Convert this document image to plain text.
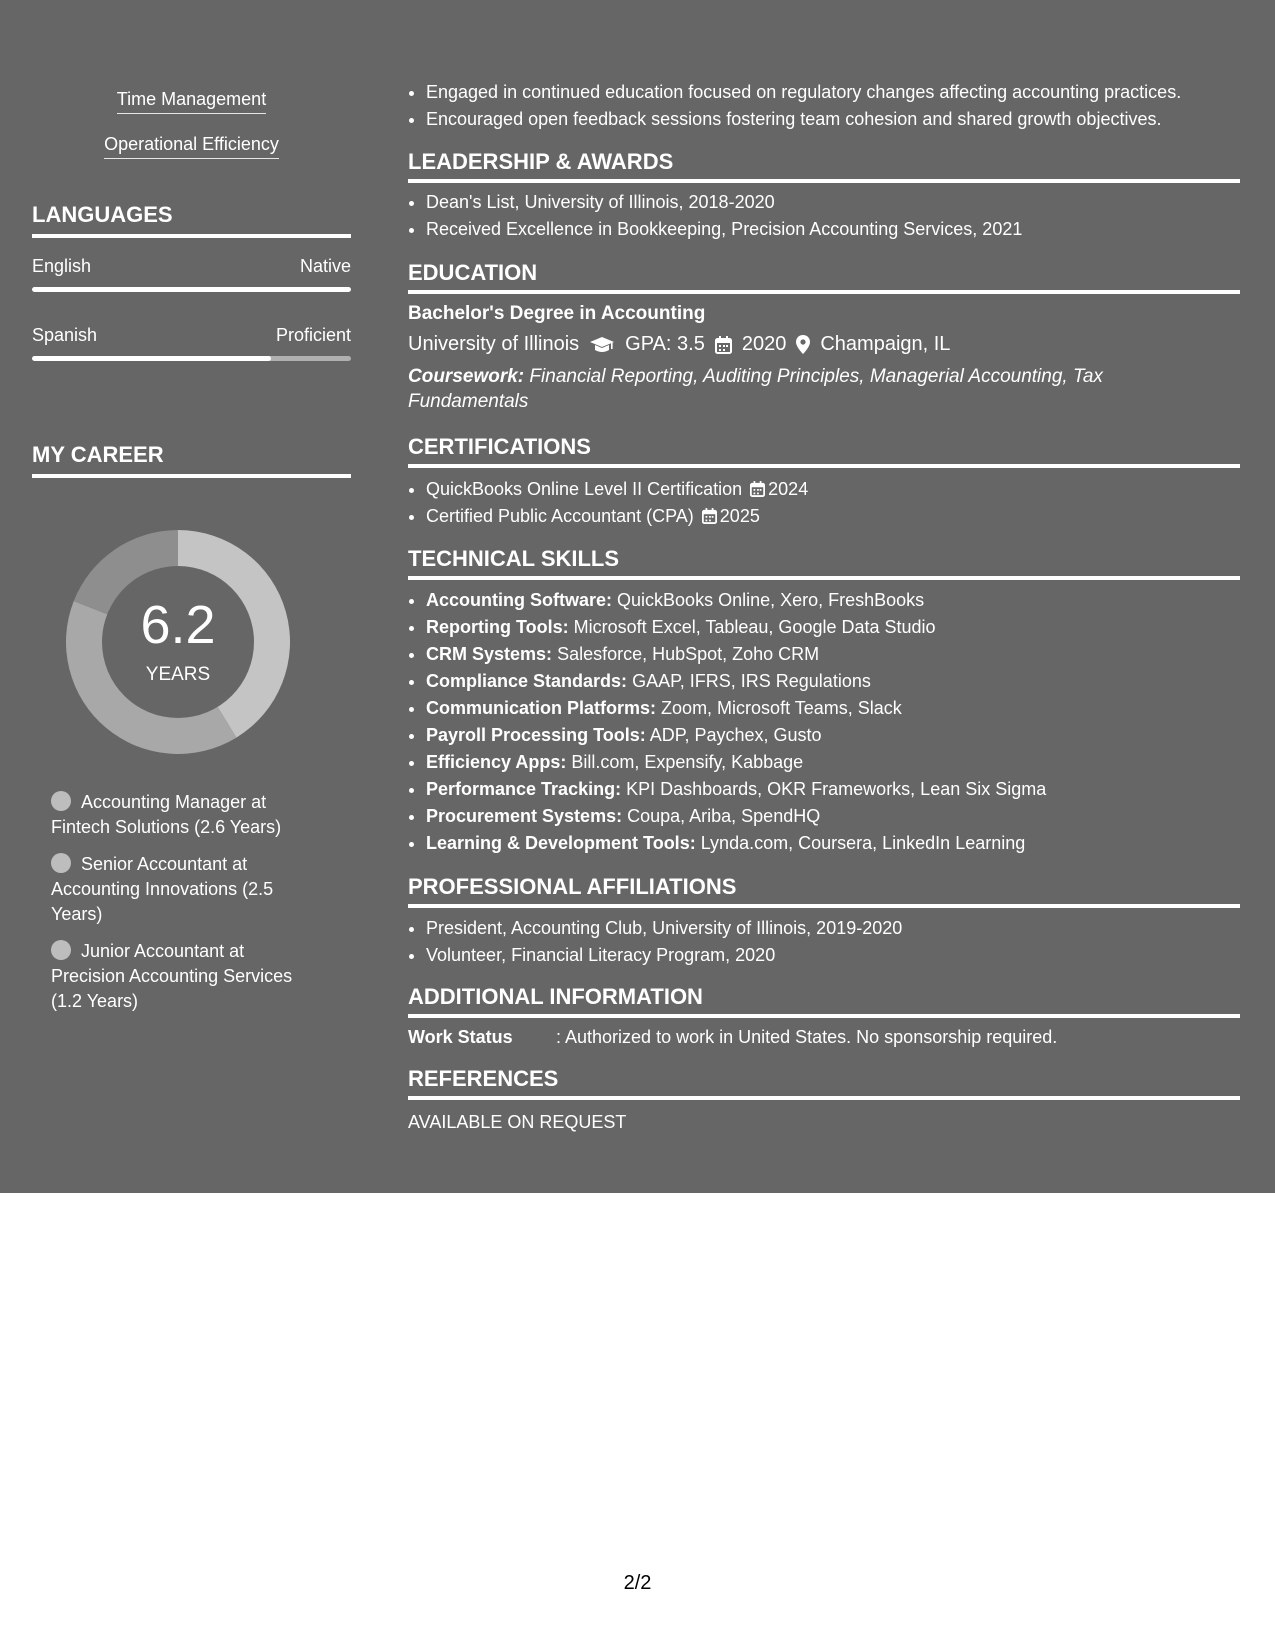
Time Management
Operational Efficiency
LANGUAGES
English	Native
Spanish	Proficient
MY CAREER
6.2
YEARS
Accounting Manager at Fintech Solutions (2.6 Years)
Senior Accountant at Accounting Innovations (2.5 Years)
Junior Accountant at Precision Accounting Services (1.2 Years)
• Engaged in continued education focused on regulatory changes affecting accounting practices.
• Encouraged open feedback sessions fostering team cohesion and shared growth objectives.
LEADERSHIP & AWARDS
• Dean's List, University of Illinois, 2018-2020
• Received Excellence in Bookkeeping, Precision Accounting Services, 2021
EDUCATION
Bachelor's Degree in Accounting
University of Illinois GPA: 3.5 2020 Champaign, IL
Coursework: Financial Reporting, Auditing Principles, Managerial Accounting, Tax Fundamentals
CERTIFICATIONS
• QuickBooks Online Level II Certification 2024
• Certified Public Accountant (CPA) 2025
TECHNICAL SKILLS
• Accounting Software: QuickBooks Online, Xero, FreshBooks
• Reporting Tools: Microsoft Excel, Tableau, Google Data Studio
• CRM Systems: Salesforce, HubSpot, Zoho CRM
• Compliance Standards: GAAP, IFRS, IRS Regulations
• Communication Platforms: Zoom, Microsoft Teams, Slack
• Payroll Processing Tools: ADP, Paychex, Gusto
• Efficiency Apps: Bill.com, Expensify, Kabbage
• Performance Tracking: KPI Dashboards, OKR Frameworks, Lean Six Sigma
• Procurement Systems: Coupa, Ariba, SpendHQ
• Learning & Development Tools: Lynda.com, Coursera, LinkedIn Learning
PROFESSIONAL AFFILIATIONS
• President, Accounting Club, University of Illinois, 2019-2020
• Volunteer, Financial Literacy Program, 2020
ADDITIONAL INFORMATION
Work Status : Authorized to work in United States. No sponsorship required.
REFERENCES
AVAILABLE ON REQUEST
2/2
